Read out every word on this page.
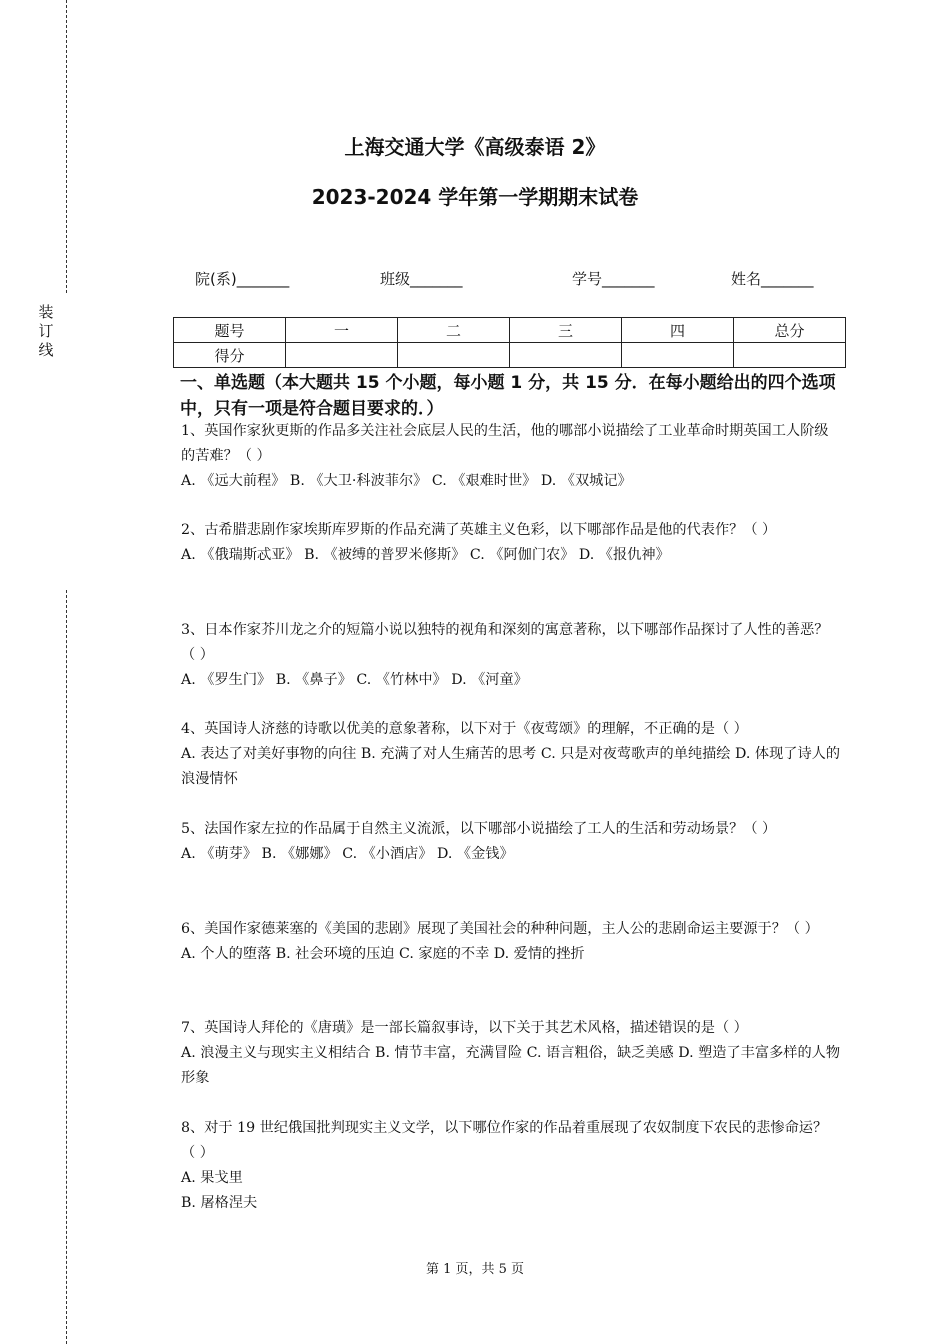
装
订
线
上海交通大学《高级泰语 2》
2023-2024 学年第一学期期末试卷
院(系)_______	班级_______	学号_______	姓名_______
题号	一	二	三	四	总分
得分					
一、单选题（本大题共 15 个小题，每小题 1 分，共 15 分．在每小题给出的四个选项中，只有一项是符合题目要求的．）

1、英国作家狄更斯的作品多关注社会底层人民的生活，他的哪部小说描绘了工业革命时期英国工人阶级的苦难？（ ）

A. 《远大前程》 B. 《大卫·科波菲尔》 C. 《艰难时世》 D. 《双城记》

2、古希腊悲剧作家埃斯库罗斯的作品充满了英雄主义色彩，以下哪部作品是他的代表作？（ ）

A. 《俄瑞斯忒亚》 B. 《被缚的普罗米修斯》 C. 《阿伽门农》 D. 《报仇神》

3、日本作家芥川龙之介的短篇小说以独特的视角和深刻的寓意著称，以下哪部作品探讨了人性的善恶？（ ）

A. 《罗生门》 B. 《鼻子》 C. 《竹林中》 D. 《河童》

4、英国诗人济慈的诗歌以优美的意象著称，以下对于《夜莺颂》的理解，不正确的是（ ）

A. 表达了对美好事物的向往 B. 充满了对人生痛苦的思考 C. 只是对夜莺歌声的单纯描绘 D. 体现了诗人的浪漫情怀

5、法国作家左拉的作品属于自然主义流派，以下哪部小说描绘了工人的生活和劳动场景？（ ）

A. 《萌芽》 B. 《娜娜》 C. 《小酒店》 D. 《金钱》

6、美国作家德莱塞的《美国的悲剧》展现了美国社会的种种问题，主人公的悲剧命运主要源于？（ ）

A. 个人的堕落 B. 社会环境的压迫 C. 家庭的不幸 D. 爱情的挫折

7、英国诗人拜伦的《唐璜》是一部长篇叙事诗，以下关于其艺术风格，描述错误的是（ ）

A. 浪漫主义与现实主义相结合 B. 情节丰富，充满冒险 C. 语言粗俗，缺乏美感 D. 塑造了丰富多样的人物形象

8、对于 19 世纪俄国批判现实主义文学，以下哪位作家的作品着重展现了农奴制度下农民的悲惨命运？（ ）

A. 果戈里

B. 屠格涅夫

第 1 页，共 5 页
